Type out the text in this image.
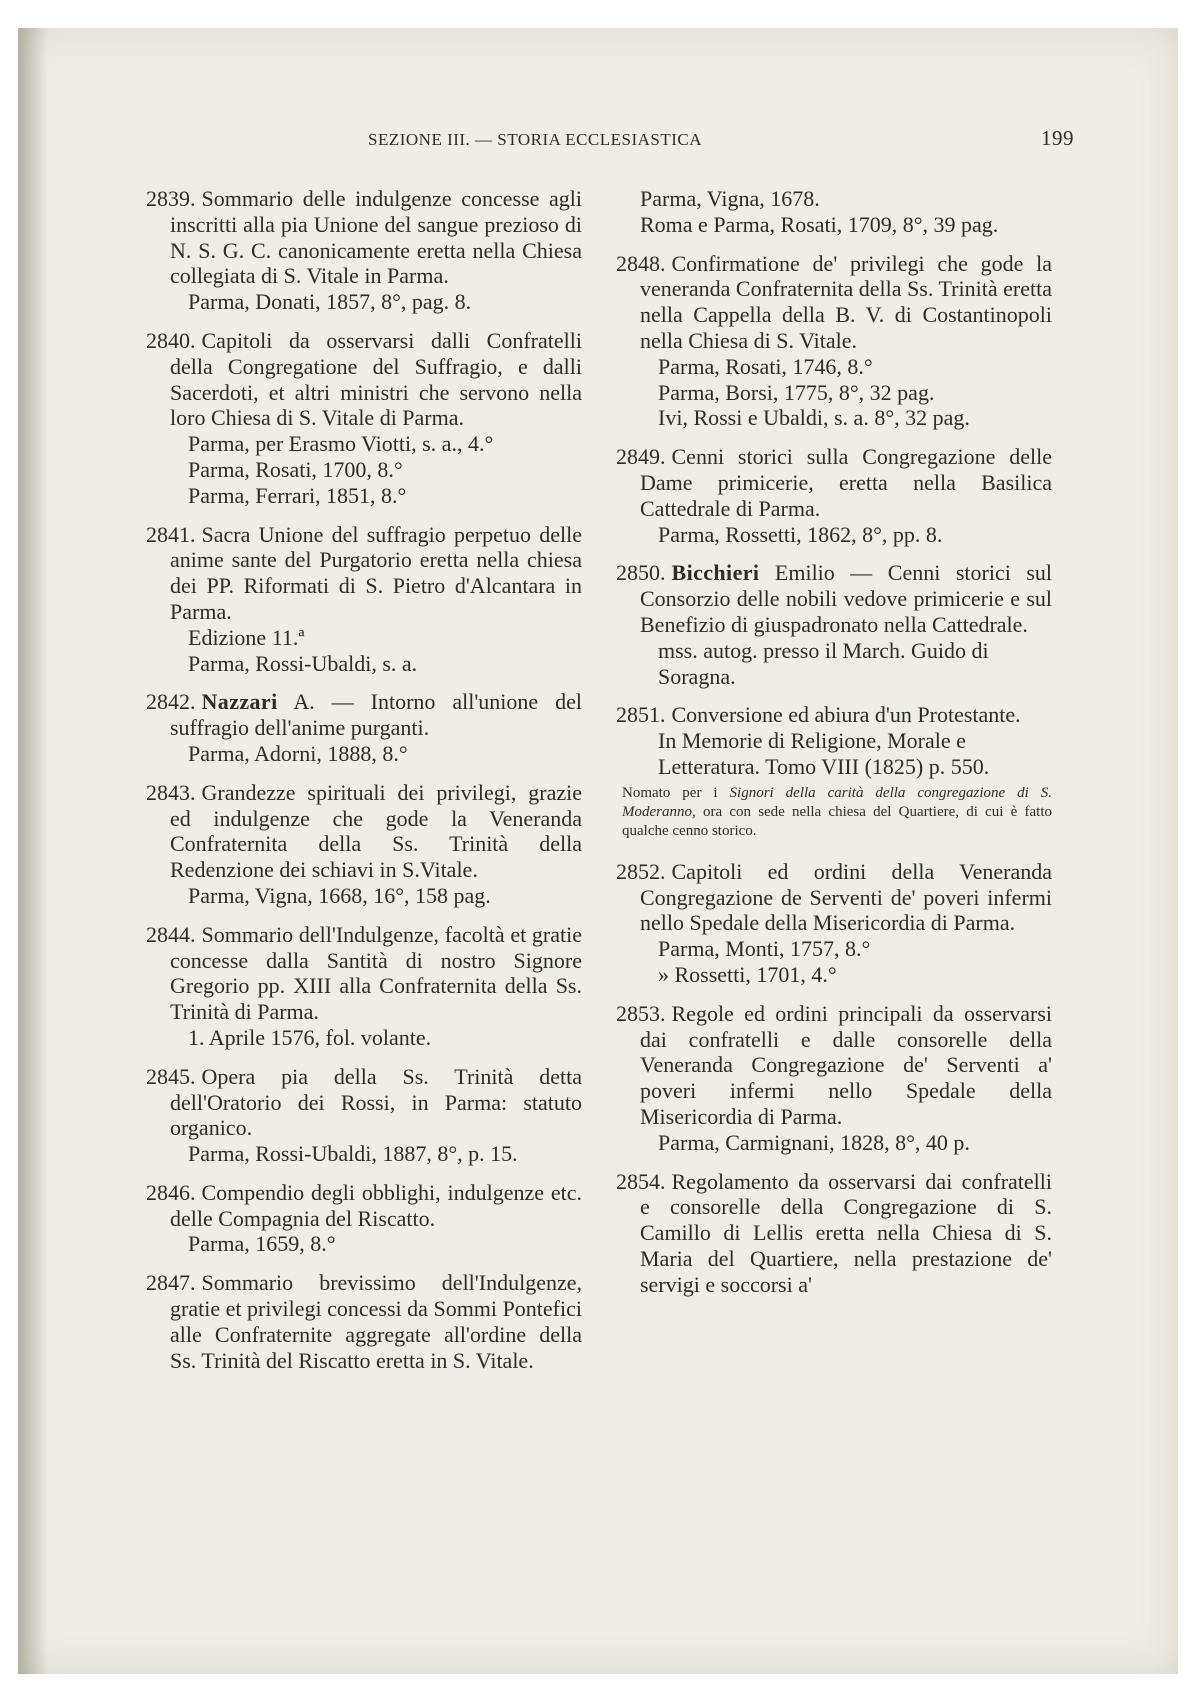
SEZIONE III. — STORIA ECCLESIASTICA	199
2839. Sommario delle indulgenze concesse agli inscritti alla pia Unione del sangue prezioso di N. S. G. C. canonicamente eretta nella Chiesa collegiata di S. Vitale in Parma.
Parma, Donati, 1857, 8°, pag. 8.
2840. Capitoli da osservarsi dalli Confratelli della Congregatione del Suffragio, e dalli Sacerdoti, et altri ministri che servono nella loro Chiesa di S. Vitale di Parma.
Parma, per Erasmo Viotti, s. a., 4.°
Parma, Rosati, 1700, 8.°
Parma, Ferrari, 1851, 8.°
2841. Sacra Unione del suffragio perpetuo delle anime sante del Purgatorio eretta nella chiesa dei PP. Riformati di S. Pietro d'Alcantara in Parma.
Edizione 11.ª
Parma, Rossi-Ubaldi, s. a.
2842. Nazzari A. — Intorno all'unione del suffragio dell'anime purganti.
Parma, Adorni, 1888, 8.°
2843. Grandezze spirituali dei privilegi, grazie ed indulgenze che gode la Veneranda Confraternita della Ss. Trinità della Redenzione dei schiavi in S.Vitale.
Parma, Vigna, 1668, 16°, 158 pag.
2844. Sommario dell'Indulgenze, facoltà et gratie concesse dalla Santità di nostro Signore Gregorio pp. XIII alla Confraternita della Ss. Trinità di Parma.
1. Aprile 1576, fol. volante.
2845. Opera pia della Ss. Trinità detta dell'Oratorio dei Rossi, in Parma: statuto organico.
Parma, Rossi-Ubaldi, 1887, 8°, p. 15.
2846. Compendio degli obblighi, indulgenze etc. delle Compagnia del Riscatto.
Parma, 1659, 8.°
2847. Sommario brevissimo dell'Indulgenze, gratie et privilegi concessi da Sommi Pontefici alle Confraternite aggregate all'ordine della Ss. Trinità del Riscatto eretta in S. Vitale.
Parma, Vigna, 1678.
Roma e Parma, Rosati, 1709, 8°, 39 pag.
2848. Confirmatione de' privilegi che gode la veneranda Confraternita della Ss. Trinità eretta nella Cappella della B. V. di Costantinopoli nella Chiesa di S. Vitale.
Parma, Rosati, 1746, 8.°
Parma, Borsi, 1775, 8°, 32 pag.
Ivi, Rossi e Ubaldi, s. a. 8°, 32 pag.
2849. Cenni storici sulla Congregazione delle Dame primicerie, eretta nella Basilica Cattedrale di Parma.
Parma, Rossetti, 1862, 8°, pp. 8.
2850. Bicchieri Emilio — Cenni storici sul Consorzio delle nobili vedove primicerie e sul Benefizio di giuspadronato nella Cattedrale.
mss. autog. presso il March. Guido di Soragna.
2851. Conversione ed abiura d'un Protestante.
In Memorie di Religione, Morale e Letteratura. Tomo VIII (1825) p. 550.
Nomato per i Signori della carità della congregazione di S. Moderanno, ora con sede nella chiesa del Quartiere, di cui è fatto qualche cenno storico.
2852. Capitoli ed ordini della Veneranda Congregazione de Serventi de' poveri infermi nello Spedale della Misericordia di Parma.
Parma, Monti, 1757, 8.°
» Rossetti, 1701, 4.°
2853. Regole ed ordini principali da osservarsi dai confratelli e dalle consorelle della Veneranda Congregazione de' Serventi a' poveri infermi nello Spedale della Misericordia di Parma.
Parma, Carmignani, 1828, 8°, 40 p.
2854. Regolamento da osservarsi dai confratelli e consorelle della Congregazione di S. Camillo di Lellis eretta nella Chiesa di S. Maria del Quartiere, nella prestazione de' servigi e soccorsi a'
